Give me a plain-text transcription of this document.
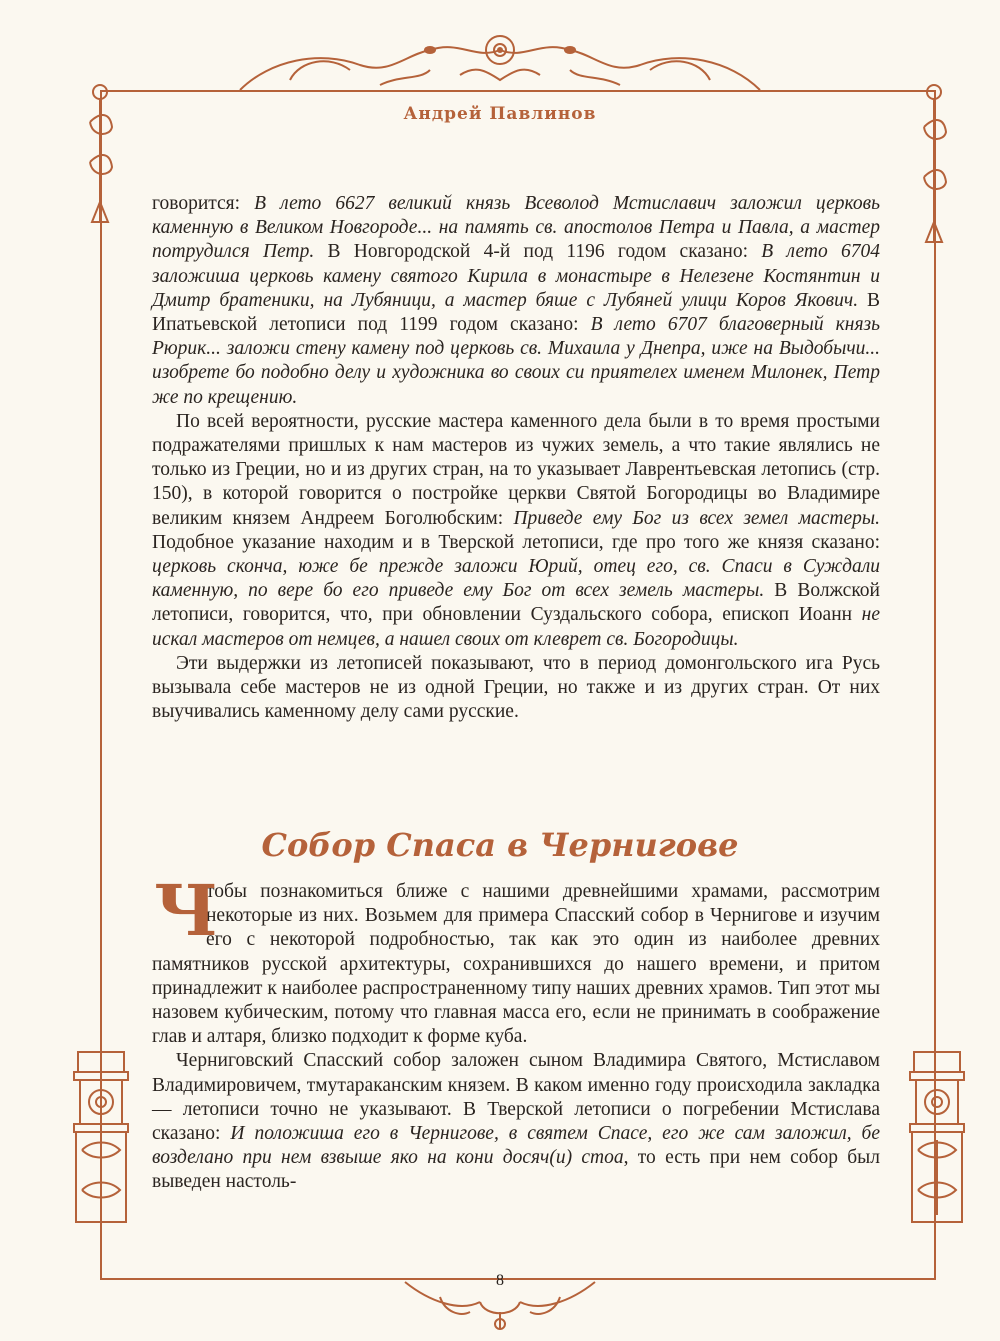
Андрей Павлинов

говорится: В лето 6627 великий князь Всеволод Мстиславич заложил церковь каменную в Великом Новгороде... на память св. апостолов Петра и Павла, а мастер потрудился Петр. В Новгородской 4-й под 1196 годом сказано: В лето 6704 заложиша церковь камену святого Кирила в монастыре в Нелезене Костянтин и Дмитр братеники, на Лубяници, а мастер бяше с Лубяней улици Коров Якович. В Ипатьевской летописи под 1199 годом сказано: В лето 6707 благоверный князь Рюрик... заложи стену камену под церковь св. Михаила у Днепра, иже на Выдобычи... изобрете бо подобно делу и художника во своих си приятелех именем Милонек, Петр же по крещению.

По всей вероятности, русские мастера каменного дела были в то время простыми подражателями пришлых к нам мастеров из чужих земель, а что такие являлись не только из Греции, но и из других стран, на то указывает Лаврентьевская летопись (стр. 150), в которой говорится о постройке церкви Святой Богородицы во Владимире великим князем Андреем Боголюбским: Приведе ему Бог из всех земел мастеры. Подобное указание находим и в Тверской летописи, где про того же князя сказано: церковь сконча, юже бе прежде заложи Юрий, отец его, св. Спаси в Суждали каменную, по вере бо его приведе ему Бог от всех земель мастеры. В Волжской летописи, говорится, что, при обновлении Суздальского собора, епископ Иоанн не искал мастеров от немцев, а нашел своих от клеврет св. Богородицы.

Эти выдержки из летописей показывают, что в период домонгольского ига Русь вызывала себе мастеров не из одной Греции, но также и из других стран. От них выучивались каменному делу сами русские.

Собор Спаса в Чернигове

Ч
тобы познакомиться ближе с нашими древнейшими храмами, рассмотрим некоторые из них. Возьмем для примера Спасский собор в Чернигове и изучим его с некоторой подробностью, так как это один из наиболее древних памятников русской архитектуры, сохранившихся до нашего времени, и притом принадлежит к наиболее распространенному типу наших древних храмов. Тип этот мы назовем кубическим, потому что главная масса его, если не принимать в соображение глав и алтаря, близко подходит к форме куба.

Черниговский Спасский собор заложен сыном Владимира Святого, Мстиславом Владимировичем, тмутараканским князем. В каком именно году происходила закладка — летописи точно не указывают. В Тверской летописи о погребении Мстислава сказано: И положиша его в Чернигове, в святем Спасе, его же сам заложил, бе возделано при нем взвыше яко на кони досяч(и) стоа, то есть при нем собор был выведен настоль-

8
